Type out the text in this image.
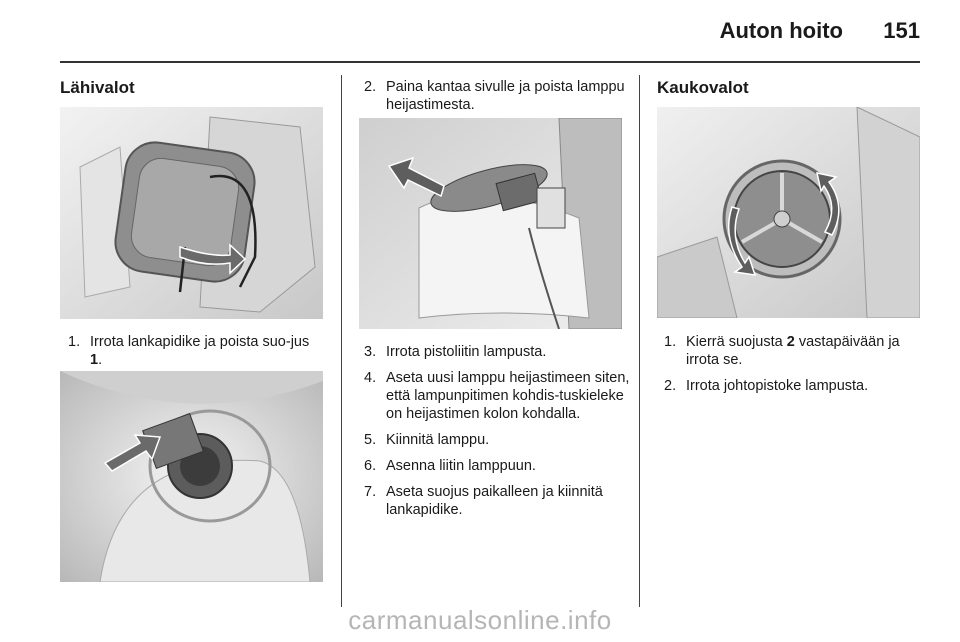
Auton hoito 151
Lähivalot
1. Irrota lankapidike ja poista suo-jus 1.
2. Paina kantaa sivulle ja poista lamppu heijastimesta.
3. Irrota pistoliitin lampusta.
4. Aseta uusi lamppu heijastimeen siten, että lampunpitimen kohdis-tuskieleke on heijastimen kolon kohdalla.
5. Kiinnitä lamppu.
6. Asenna liitin lamppuun.
7. Aseta suojus paikalleen ja kiinnitä lankapidike.
Kaukovalot
1. Kierrä suojusta 2 vastapäivään ja irrota se.
2. Irrota johtopistoke lampusta.
carmanualsonline.info
